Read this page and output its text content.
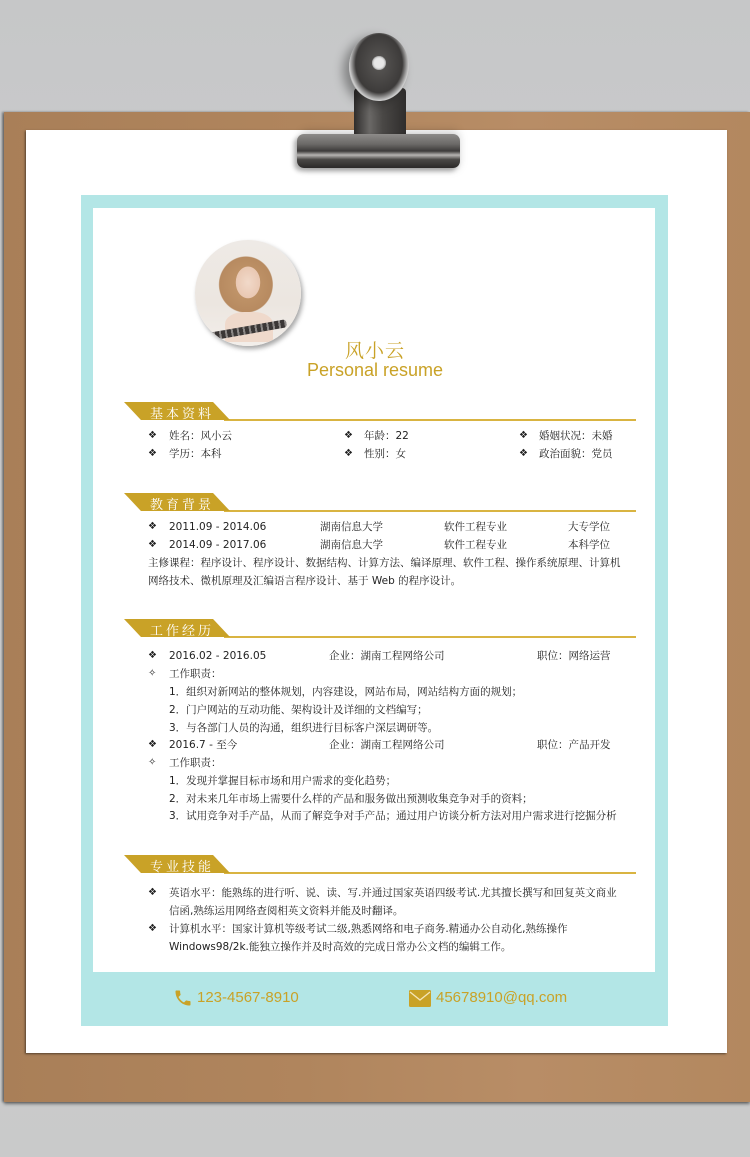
风小云
Personal resume
基本资料
❖ 姓名：风小云	❖ 年龄：22	❖ 婚姻状况：未婚
❖ 学历：本科	❖ 性别：女	❖ 政治面貌：党员
教育背景
❖ 2011.09 - 2014.06	湖南信息大学	软件工程专业	大专学位
❖ 2014.09 - 2017.06	湖南信息大学	软件工程专业	本科学位
主修课程：程序设计、程序设计、数据结构、计算方法、编译原理、软件工程、操作系统原理、计算机网络技术、微机原理及汇编语言程序设计、基于 Web 的程序设计。
工作经历
❖ 2016.02 - 2016.05	企业：湖南工程网络公司	职位：网络运营
✧ 工作职责：
1．组织对新网站的整体规划，内容建设，网站布局，网站结构方面的规划；
2．门户网站的互动功能、架构设计及详细的文档编写；
3．与各部门人员的沟通，组织进行目标客户深层调研等。
❖ 2016.7 - 至今	企业：湖南工程网络公司	职位：产品开发
✧ 工作职责：
1．发现并掌握目标市场和用户需求的变化趋势；
2．对未来几年市场上需要什么样的产品和服务做出预测收集竞争对手的资料；
3．试用竞争对手产品，从而了解竞争对手产品；通过用户访谈分析方法对用户需求进行挖掘分析
专业技能
❖ 英语水平：能熟练的进行听、说、读、写.并通过国家英语四级考试.尤其擅长撰写和回复英文商业
信函,熟练运用网络查阅相英文资料并能及时翻译。
❖ 计算机水平：国家计算机等级考试二级,熟悉网络和电子商务.精通办公自动化,熟练操作
Windows98/2k.能独立操作并及时高效的完成日常办公文档的编辑工作。
123-4567-8910	45678910@qq.com
